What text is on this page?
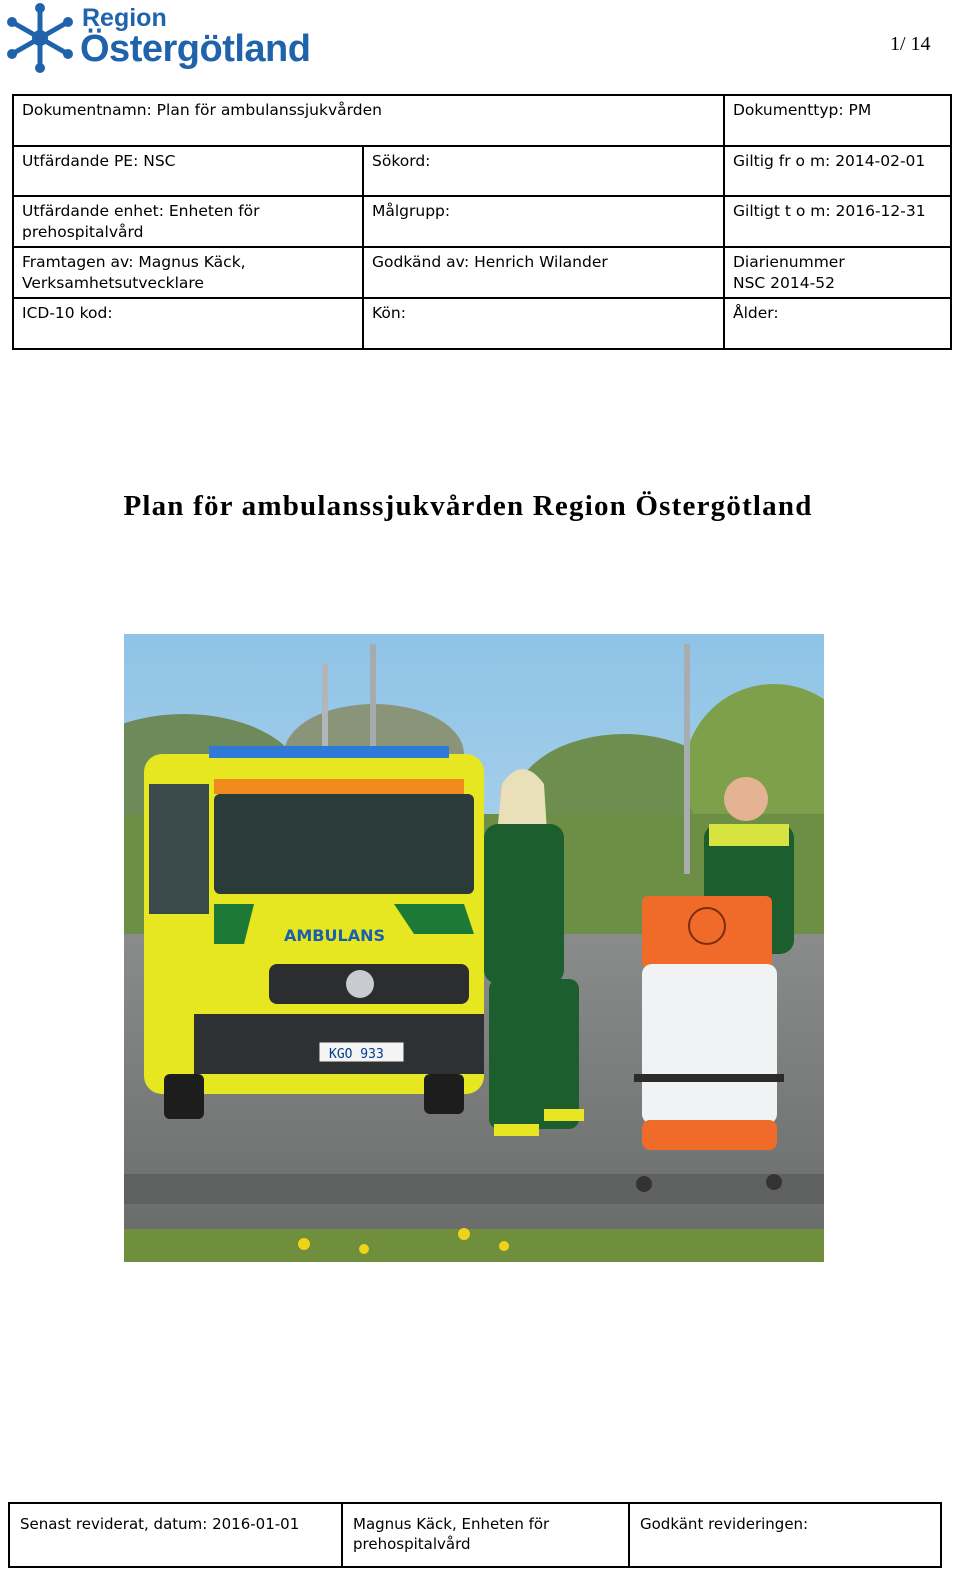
Region
Östergötland	1/ 14
Dokumentnamn: Plan för ambulanssjukvården		Dokumenttyp: PM
Utfärdande PE: NSC	Sökord:	Giltig fr o m: 2014-02-01
Utfärdande enhet: Enheten för prehospitalvård	Målgrupp:	Giltigt t o m: 2016-12-31
Framtagen av: Magnus Käck, Verksamhetsutvecklare	Godkänd av: Henrich Wilander	Diarienummer
NSC 2014-52

ICD-10 kod:	Kön:	Ålder:
Plan för ambulanssjukvården Region Östergötland
AMBULANS
KGO 933
Senast reviderat, datum: 2016-01-01	Magnus Käck, Enheten för prehospitalvård	Godkänt revideringen:
